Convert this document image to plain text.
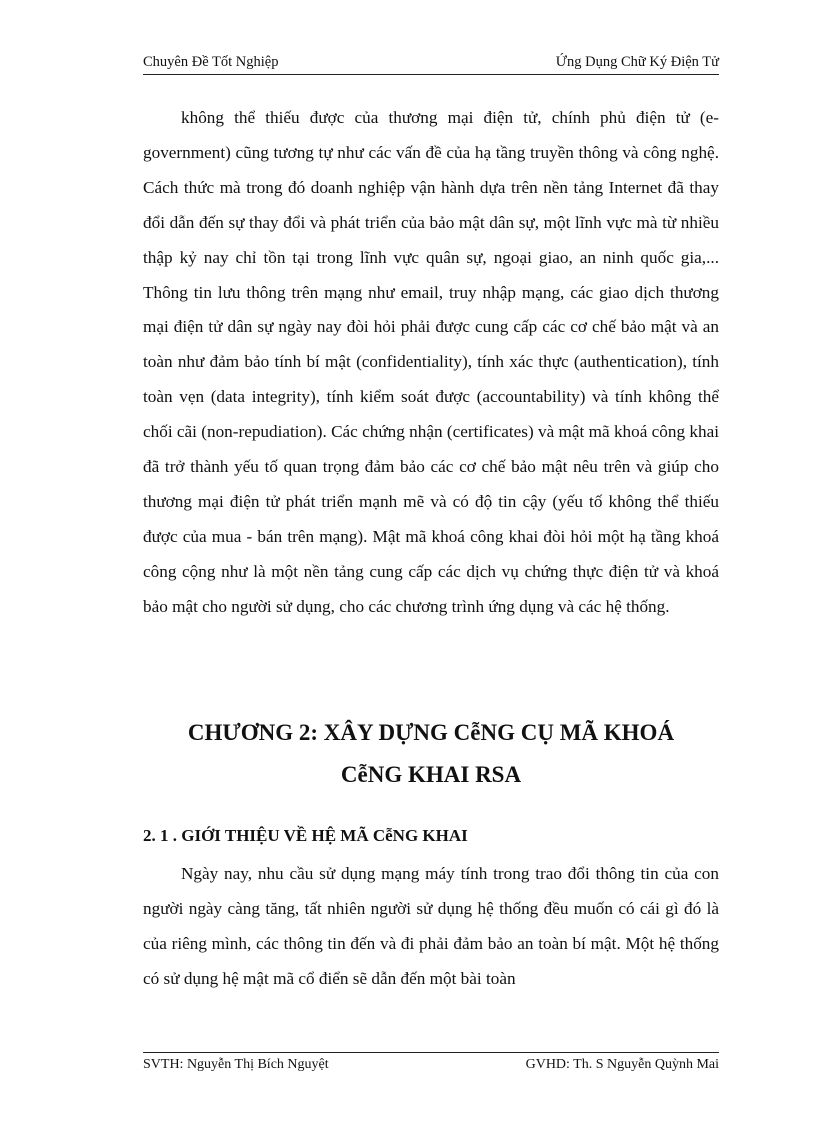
Chuyên Đề Tốt Nghiệp	Ứng Dụng Chữ Ký Điện Tử
không thể thiếu được của thương mại điện tử, chính phủ điện tử (e-government) cũng tương tự như các vấn đề của hạ tầng truyền thông và công nghệ. Cách thức mà trong đó doanh nghiệp vận hành dựa trên nền tảng Internet đã thay đổi dẫn đến sự thay đổi và phát triển của bảo mật dân sự, một lĩnh vực mà từ nhiều thập kỷ nay chỉ tồn tại trong lĩnh vực quân sự, ngoại giao, an ninh quốc gia,... Thông tin lưu thông trên mạng như email, truy nhập mạng, các giao dịch thương mại điện tử dân sự ngày nay đòi hỏi phải được cung cấp các cơ chế bảo mật và an toàn như đảm bảo tính bí mật (confidentiality), tính xác thực (authentication), tính toàn vẹn (data integrity), tính kiểm soát được (accountability) và tính không thể chối cãi (non-repudiation). Các chứng nhận (certificates) và mật mã khoá công khai đã trở thành yếu tố quan trọng đảm bảo các cơ chế bảo mật nêu trên và giúp cho thương mại điện tử phát triển mạnh mẽ và có độ tin cậy (yếu tố không thể thiếu được của mua - bán trên mạng). Mật mã khoá công khai đòi hỏi một hạ tầng khoá công cộng như là một nền tảng cung cấp các dịch vụ chứng thực điện tử và khoá bảo mật cho người sử dụng, cho các chương trình ứng dụng và các hệ thống.
CHƯƠNG 2: XÂY DỰNG CễNG CỤ MÃ KHOÁ
CễNG KHAI RSA
2. 1 . GIỚI THIỆU VỀ HỆ MÃ CễNG KHAI
Ngày nay, nhu cầu sử dụng mạng máy tính trong trao đổi thông tin của con người ngày càng tăng, tất nhiên người sử dụng hệ thống đều muốn có cái gì đó là của riêng mình, các thông tin đến và đi phải đảm bảo an toàn bí mật. Một hệ thống có sử dụng hệ mật mã cổ điển sẽ dẫn đến một bài toàn
SVTH: Nguyễn Thị Bích Nguyệt	GVHD: Th. S Nguyễn Quỳnh Mai
